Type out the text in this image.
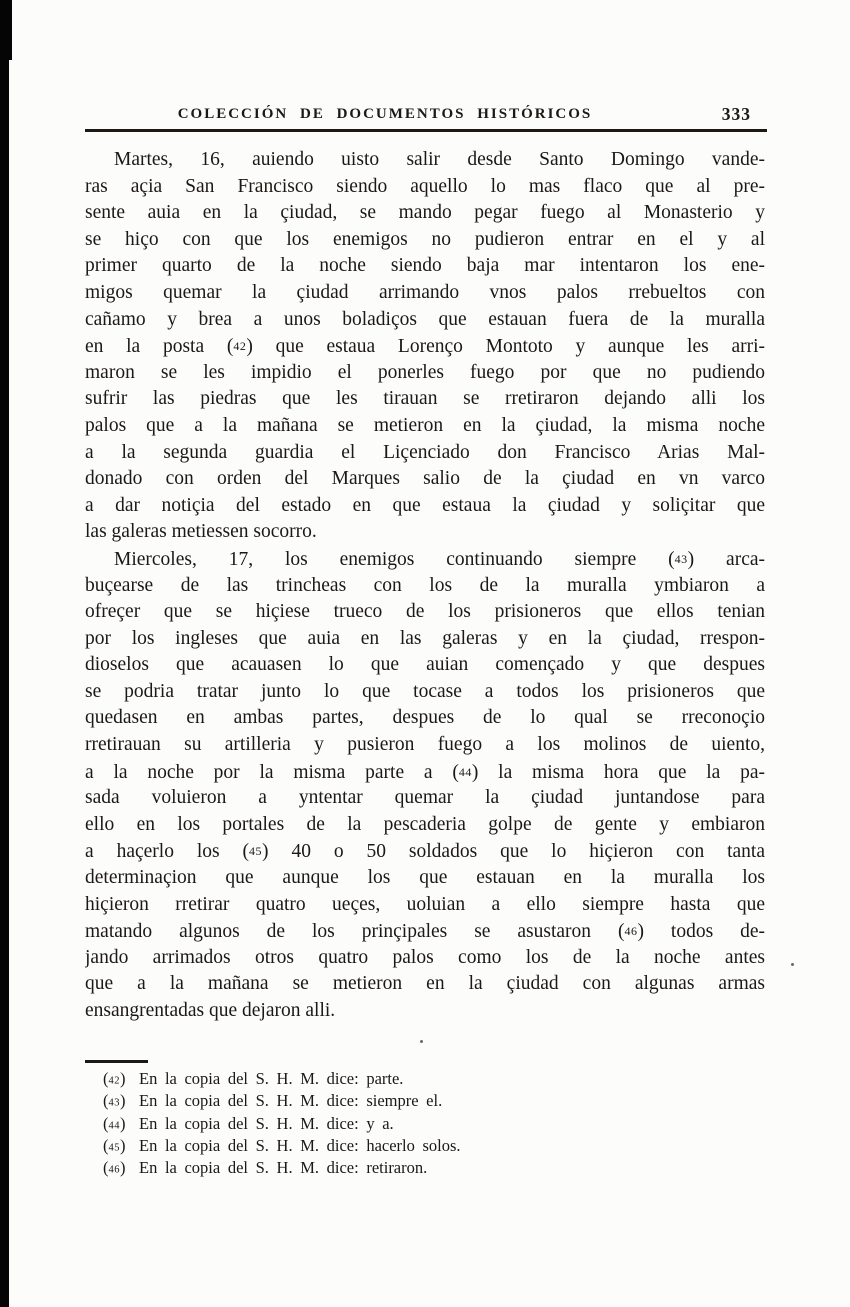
COLECCIÓN DE DOCUMENTOS HISTÓRICOS	333
Martes, 16, auiendo uisto salir desde Santo Domingo vande-
ras açia San Francisco siendo aquello lo mas flaco que al pre-
sente auia en la çiudad, se mando pegar fuego al Monasterio y
se hiço con que los enemigos no pudieron entrar en el y al
primer quarto de la noche siendo baja mar intentaron los ene-
migos quemar la çiudad arrimando vnos palos rrebueltos con
cañamo y brea a unos boladiços que estauan fuera de la muralla
en la posta (42) que estaua Lorenço Montoto y aunque les arri-
maron se les impidio el ponerles fuego por que no pudiendo
sufrir las piedras que les tirauan se rretiraron dejando alli los
palos que a la mañana se metieron en la çiudad, la misma noche
a la segunda guardia el Liçenciado don Francisco Arias Mal-
donado con orden del Marques salio de la çiudad en vn varco
a dar notiçia del estado en que estaua la çiudad y soliçitar que
las galeras metiessen socorro.
Miercoles, 17, los enemigos continuando siempre (43) arca-
buçearse de las trincheas con los de la muralla ymbiaron a
ofreçer que se hiçiese trueco de los prisioneros que ellos tenian
por los ingleses que auia en las galeras y en la çiudad, rrespon-
dioselos que acauasen lo que auian començado y que despues
se podria tratar junto lo que tocase a todos los prisioneros que
quedasen en ambas partes, despues de lo qual se rreconoçio
rretirauan su artilleria y pusieron fuego a los molinos de uiento,
a la noche por la misma parte a (44) la misma hora que la pa-
sada voluieron a yntentar quemar la çiudad juntandose para
ello en los portales de la pescaderia golpe de gente y embiaron
a haçerlo los (45) 40 o 50 soldados que lo hiçieron con tanta
determinaçion que aunque los que estauan en la muralla los
hiçieron rretirar quatro ueçes, uoluian a ello siempre hasta que
matando algunos de los prinçipales se asustaron (46) todos de-
jando arrimados otros quatro palos como los de la noche antes
que a la mañana se metieron en la çiudad con algunas armas
ensangrentadas que dejaron alli.
(42) En la copia del S. H. M. dice: parte.
(43) En la copia del S. H. M. dice: siempre el.
(44) En la copia del S. H. M. dice: y a.
(45) En la copia del S. H. M. dice: hacerlo solos.
(46) En la copia del S. H. M. dice: retiraron.
